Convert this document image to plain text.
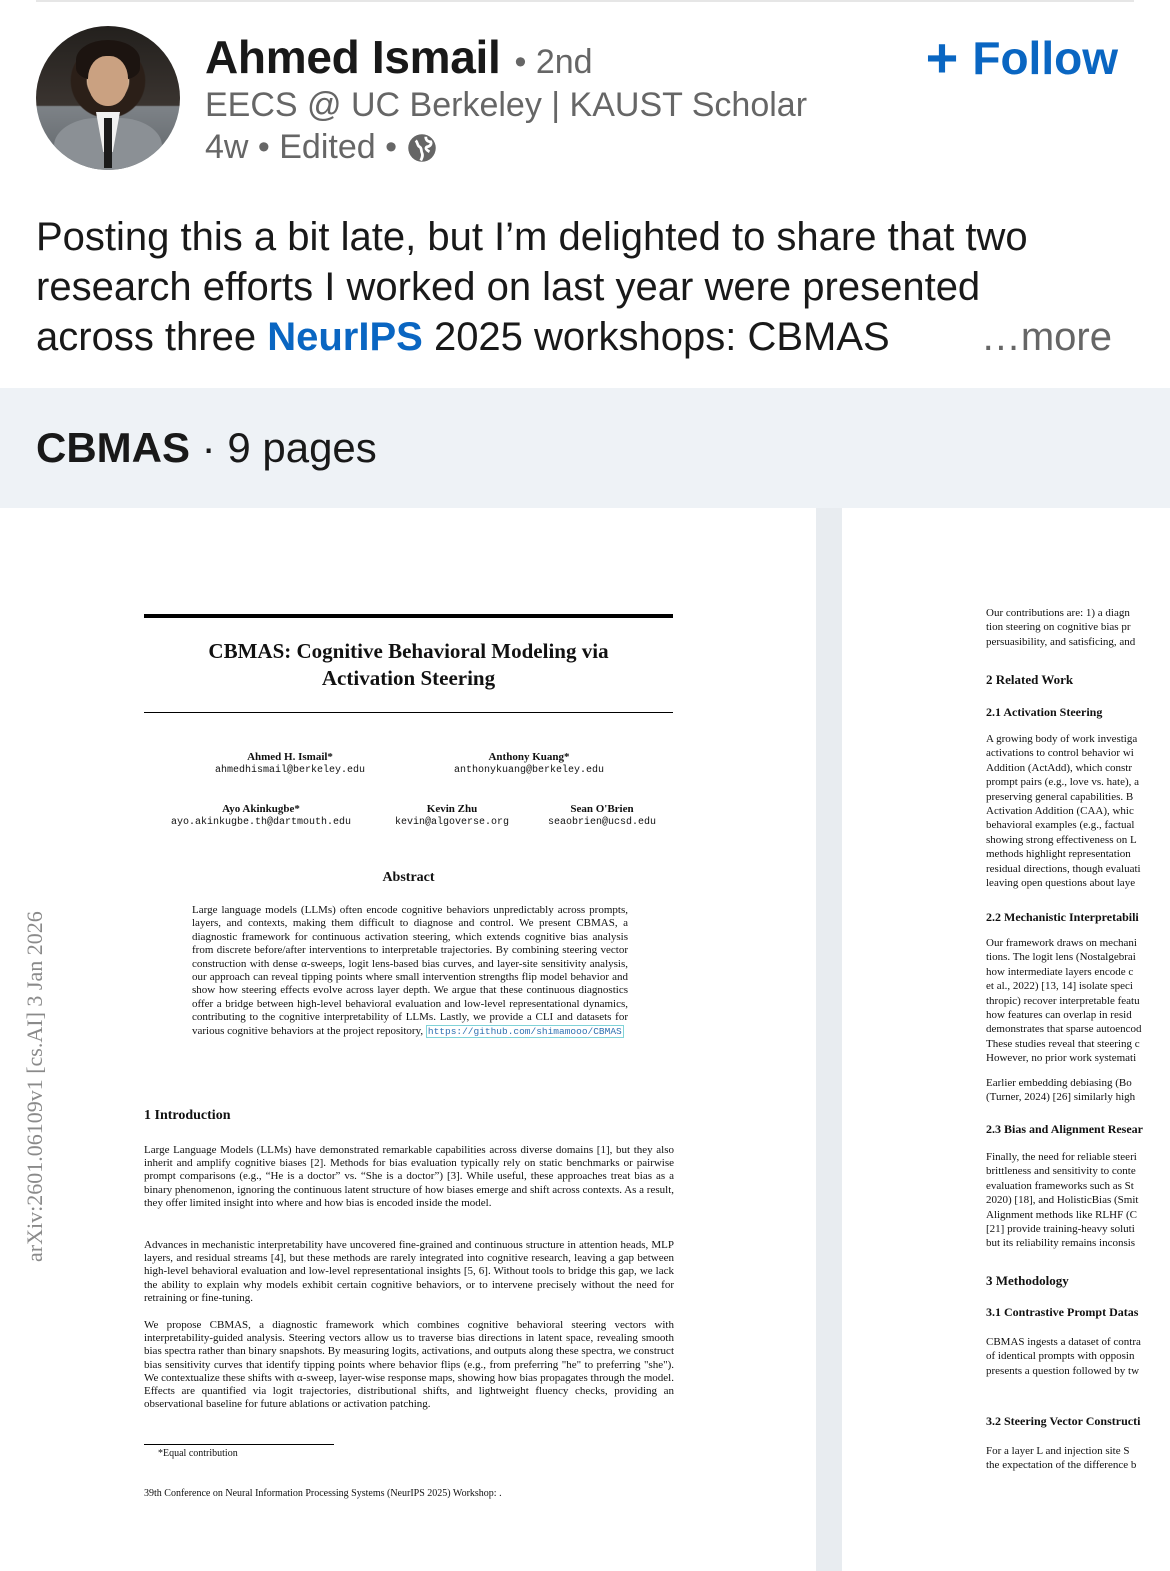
Ahmed Ismail • 2nd
EECS @ UC Berkeley | KAUST Scholar
4w • Edited •
+ Follow
Posting this a bit late, but I’m delighted to share that two
research efforts I worked on last year were presented
across three NeurIPS 2025 workshops: CBMAS	…more
CBMAS · 9 pages
CBMAS: Cognitive Behavioral Modeling via
Activation Steering
Ahmed H. Ismail*
ahmedhismail@berkeley.edu
Anthony Kuang*
anthonykuang@berkeley.edu
Ayo Akinkugbe*
ayo.akinkugbe.th@dartmouth.edu
Kevin Zhu
kevin@algoverse.org
Sean O'Brien
seaobrien@ucsd.edu
Abstract
Large language models (LLMs) often encode cognitive behaviors unpredictably across prompts, layers, and contexts, making them difficult to diagnose and control. We present CBMAS, a diagnostic framework for continuous activation steering, which extends cognitive bias analysis from discrete before/after interventions to interpretable trajectories. By combining steering vector construction with dense α-sweeps, logit lens-based bias curves, and layer-site sensitivity analysis, our approach can reveal tipping points where small intervention strengths flip model behavior and show how steering effects evolve across layer depth. We argue that these continuous diagnostics offer a bridge between high-level behavioral evaluation and low-level representational dynamics, contributing to the cognitive interpretability of LLMs. Lastly, we provide a CLI and datasets for various cognitive behaviors at the project repository, https://github.com/shimamooo/CBMAS
1 Introduction
Large Language Models (LLMs) have demonstrated remarkable capabilities across diverse domains [1], but they also inherit and amplify cognitive biases [2]. Methods for bias evaluation typically rely on static benchmarks or pairwise prompt comparisons (e.g., “He is a doctor” vs. “She is a doctor”) [3]. While useful, these approaches treat bias as a binary phenomenon, ignoring the continuous latent structure of how biases emerge and shift across contexts. As a result, they offer limited insight into where and how bias is encoded inside the model.
Advances in mechanistic interpretability have uncovered fine-grained and continuous structure in attention heads, MLP layers, and residual streams [4], but these methods are rarely integrated into cognitive research, leaving a gap between high-level behavioral evaluation and low-level representational insights [5, 6]. Without tools to bridge this gap, we lack the ability to explain why models exhibit certain cognitive behaviors, or to intervene precisely without the need for retraining or fine-tuning.
We propose CBMAS, a diagnostic framework which combines cognitive behavioral steering vectors with interpretability-guided analysis. Steering vectors allow us to traverse bias directions in latent space, revealing smooth bias spectra rather than binary snapshots. By measuring logits, activations, and outputs along these spectra, we construct bias sensitivity curves that identify tipping points where behavior flips (e.g., from preferring "he" to preferring "she"). We contextualize these shifts with α-sweep, layer-wise response maps, showing how bias propagates through the model. Effects are quantified via logit trajectories, distributional shifts, and lightweight fluency checks, providing an observational baseline for future ablations or activation patching.
*Equal contribution
39th Conference on Neural Information Processing Systems (NeurIPS 2025) Workshop: .
arXiv:2601.06109v1 [cs.AI] 3 Jan 2026
Our contributions are: 1) a diagn
tion steering on cognitive bias pr
persuasibility, and satisficing, and
2 Related Work
2.1 Activation Steering
A growing body of work investiga
activations to control behavior wi
Addition (ActAdd), which constr
prompt pairs (e.g., love vs. hate), a
preserving general capabilities. B
Activation Addition (CAA), whic
behavioral examples (e.g., factual
showing strong effectiveness on L
methods highlight representation
residual directions, though evaluati
leaving open questions about laye
2.2 Mechanistic Interpretabili
Our framework draws on mechani
tions. The logit lens (Nostalgebrai
how intermediate layers encode c
et al., 2022) [13, 14] isolate speci
thropic) recover interpretable featu
how features can overlap in resid
demonstrates that sparse autoencod
These studies reveal that steering c
However, no prior work systemati
Earlier embedding debiasing (Bo
(Turner, 2024) [26] similarly high
2.3 Bias and Alignment Resear
Finally, the need for reliable steeri
brittleness and sensitivity to conte
evaluation frameworks such as St
2020) [18], and HolisticBias (Smit
Alignment methods like RLHF (C
[21] provide training-heavy soluti
but its reliability remains inconsis
3 Methodology
3.1 Contrastive Prompt Datas
CBMAS ingests a dataset of contra
of identical prompts with opposin
presents a question followed by tw
3.2 Steering Vector Constructi
For a layer L and injection site S
the expectation of the difference b
